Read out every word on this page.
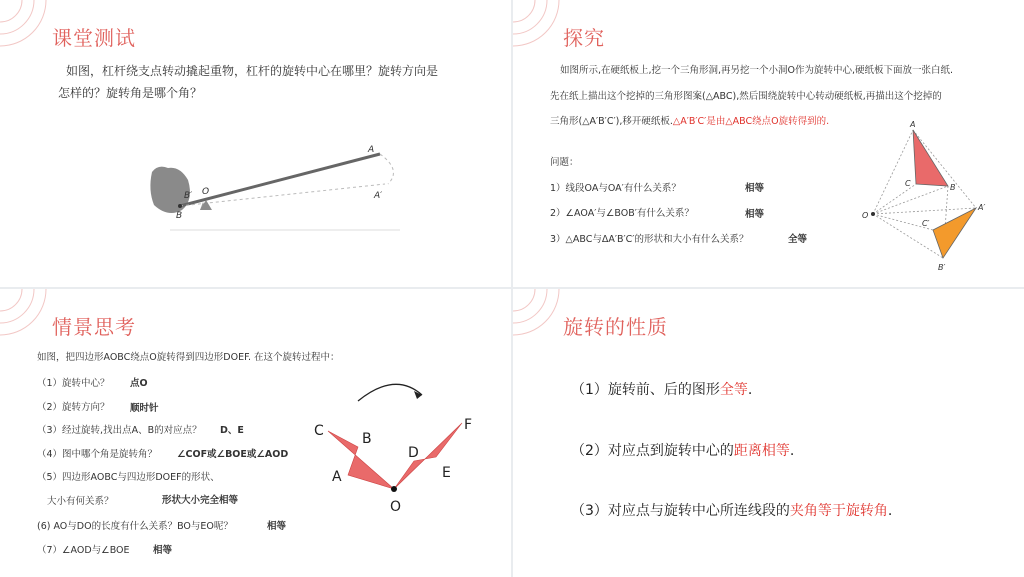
课堂测试
如图，杠杆绕支点转动撬起重物，杠杆的旋转中心在哪里？旋转方向是
怎样的？旋转角是哪个角？
A
A′
B′
B
O
探究
如图所示,在硬纸板上,挖一个三角形洞,再另挖一个小洞O作为旋转中心,硬纸板下面放一张白纸.
先在纸上描出这个挖掉的三角形图案(△ABC),然后围绕旋转中心转动硬纸板,再描出这个挖掉的
三角形(△A′B′C′),移开硬纸板.△A′B′C′是由△ABC绕点O旋转得到的.
问题：
1）线段OA与OA′有什么关系？	相等
2）∠AOA′与∠BOB′有什么关系？	相等
3）△ABC与ΔA′B′C′的形状和大小有什么关系？	全等
A
C	B
O
A′
C′
B′
情景思考
如图，把四边形AOBC绕点O旋转得到四边形DOEF. 在这个旋转过程中：
（1）旋转中心？ 点O
（2）旋转方向？ 顺时针
（3）经过旋转,找出点A、B的对应点？ D、E
（4）图中哪个角是旋转角？ ∠COF或∠BOE或∠AOD
（5）四边形AOBC与四边形DOEF的形状、
大小有何关系？	形状大小完全相等
(6) AO与DO的长度有什么关系？BO与EO呢？	相等
（7）∠AOD与∠BOE 相等
C	B
A
O
D
E
F
旋转的性质
（1）旋转前、后的图形全等.
（2）对应点到旋转中心的距离相等.
（3）对应点与旋转中心所连线段的夹角等于旋转角.
